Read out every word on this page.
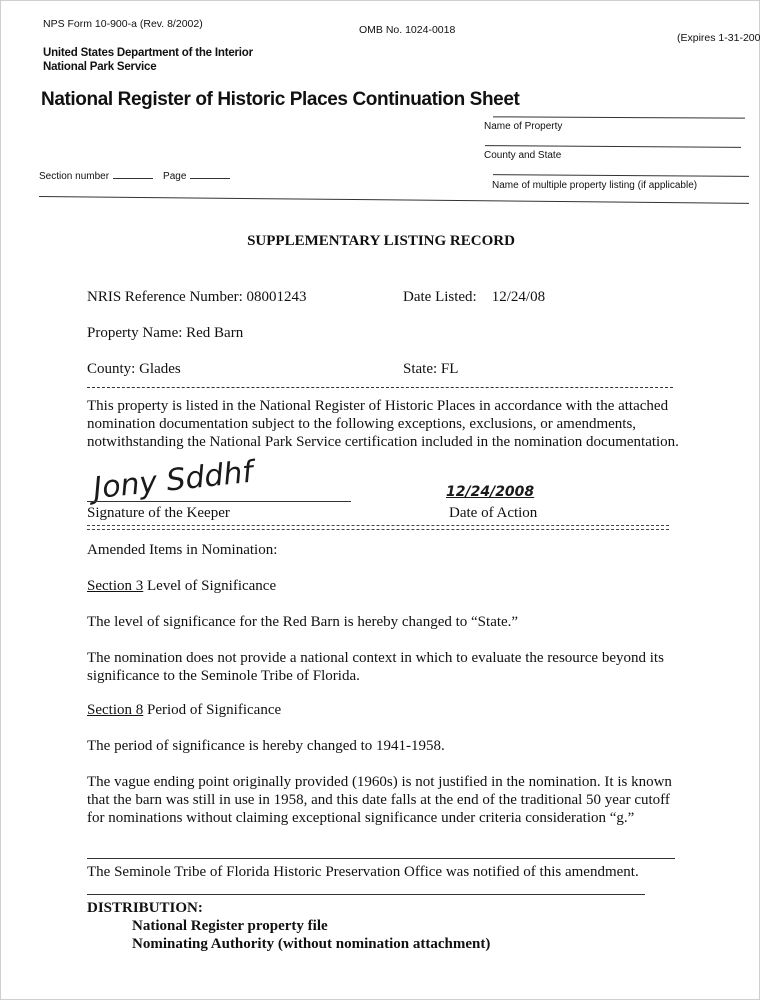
NPS Form 10-900-a (Rev. 8/2002)	OMB No. 1024-0018
(Expires 1-31-200
United States Department of the Interior
National Park Service
National Register of Historic Places Continuation Sheet
Name of Property
County and State
Name of multiple property listing (if applicable)
Section number	Page
SUPPLEMENTARY LISTING RECORD
NRIS Reference Number: 08001243	Date Listed: 12/24/08
Property Name: Red Barn
County: Glades	State: FL
This property is listed in the National Register of Historic Places in accordance with the attached nomination documentation subject to the following exceptions, exclusions, or amendments, notwithstanding the National Park Service certification included in the nomination documentation.
Jony Sddhf
Signature of the Keeper
12/24/2008
Date of Action
Amended Items in Nomination:
Section 3 Level of Significance
The level of significance for the Red Barn is hereby changed to “State.”
The nomination does not provide a national context in which to evaluate the resource beyond its significance to the Seminole Tribe of Florida.
Section 8 Period of Significance
The period of significance is hereby changed to 1941-1958.
The vague ending point originally provided (1960s) is not justified in the nomination. It is known that the barn was still in use in 1958, and this date falls at the end of the traditional 50 year cutoff for nominations without claiming exceptional significance under criteria consideration “g.”
The Seminole Tribe of Florida Historic Preservation Office was notified of this amendment.
DISTRIBUTION:
National Register property file
Nominating Authority (without nomination attachment)
